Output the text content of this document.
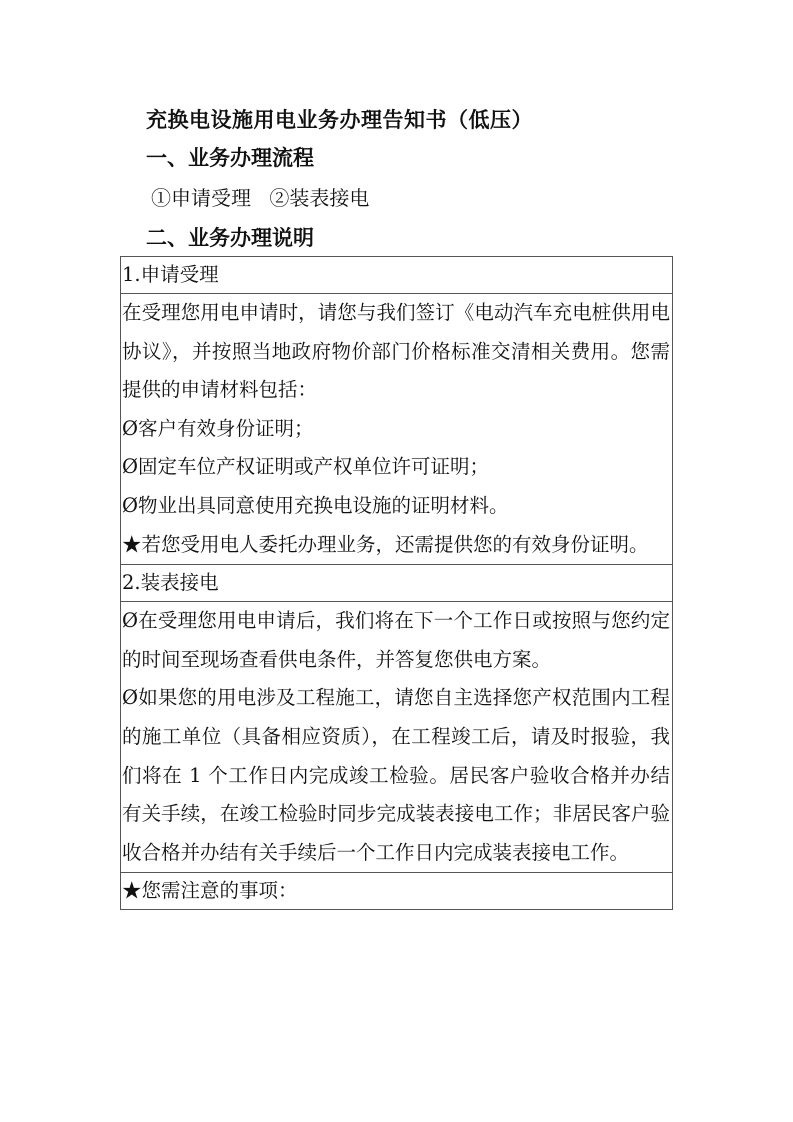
充换电设施用电业务办理告知书（低压）
一、业务办理流程
①申请受理 ②装表接电
二、业务办理说明
1.申请受理

在受理您用电申请时，请您与我们签订《电动汽车充电桩供用电协议》，并按照当地政府物价部门价格标准交清相关费用。您需提供的申请材料包括：
Ø客户有效身份证明；
Ø固定车位产权证明或产权单位许可证明；
Ø物业出具同意使用充换电设施的证明材料。
★若您受用电人委托办理业务，还需提供您的有效身份证明。

2.装表接电

Ø在受理您用电申请后，我们将在下一个工作日或按照与您约定的时间至现场查看供电条件，并答复您供电方案。
Ø如果您的用电涉及工程施工，请您自主选择您产权范围内工程的施工单位（具备相应资质），在工程竣工后，请及时报验，我们将在 1 个工作日内完成竣工检验。居民客户验收合格并办结有关手续，在竣工检验时同步完成装表接电工作；非居民客户验收合格并办结有关手续后一个工作日内完成装表接电工作。

★您需注意的事项：
